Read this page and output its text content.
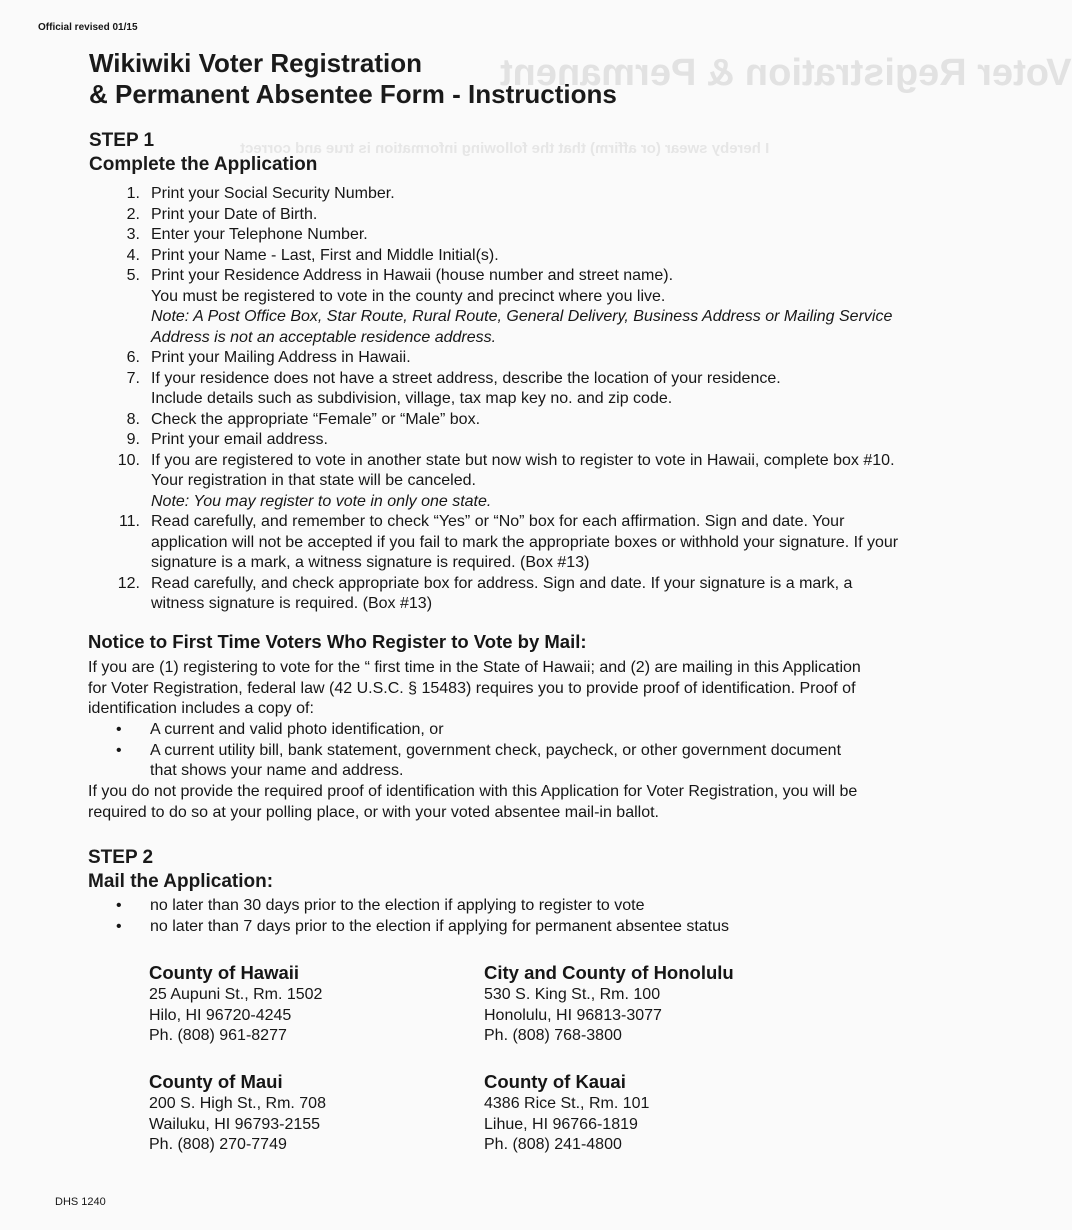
Voter Registration & Permanent
I hereby swear (or affirm) that the following information is true and correct
Official revised 01/15
Wikiwiki Voter Registration
& Permanent Absentee Form - Instructions
STEP 1
Complete the Application
1. Print your Social Security Number.

2. Print your Date of Birth.

3. Enter your Telephone Number.

4. Print your Name - Last, First and Middle Initial(s).

5. Print your Residence Address in Hawaii (house number and street name).

You must be registered to vote in the county and precinct where you live.

Note: A Post Office Box, Star Route, Rural Route, General Delivery, Business Address or Mailing Service Address is not an acceptable residence address.

6. Print your Mailing Address in Hawaii.

7. If your residence does not have a street address, describe the location of your residence.

Include details such as subdivision, village, tax map key no. and zip code.

8. Check the appropriate “Female” or “Male” box.

9. Print your email address.

10. If you are registered to vote in another state but now wish to register to vote in Hawaii, complete box #10. Your registration in that state will be canceled.

Note: You may register to vote in only one state.

11. Read carefully, and remember to check “Yes” or “No” box for each affirmation. Sign and date. Your application will not be accepted if you fail to mark the appropriate boxes or withhold your signature. If your signature is a mark, a witness signature is required. (Box #13)

12. Read carefully, and check appropriate box for address. Sign and date. If your signature is a mark, a witness signature is required. (Box #13)

Notice to First Time Voters Who Register to Vote by Mail:

If you are (1) registering to vote for the “ first time in the State of Hawaii; and (2) are mailing in this Application for Voter Registration, federal law (42 U.S.C. § 15483) requires you to provide proof of identification. Proof of identification includes a copy of:

•	A current and valid photo identification, or
•	A current utility bill, bank statement, government check, paycheck, or other government document that shows your name and address.

If you do not provide the required proof of identification with this Application for Voter Registration, you will be required to do so at your polling place, or with your voted absentee mail-in ballot.

STEP 2
Mail the Application:
•	no later than 30 days prior to the election if applying to register to vote
•	no later than 7 days prior to the election if applying for permanent absentee status
County of Hawaii
25 Aupuni St., Rm. 1502
Hilo, HI 96720-4245
Ph. (808) 961-8277
City and County of Honolulu
530 S. King St., Rm. 100
Honolulu, HI 96813-3077
Ph. (808) 768-3800
County of Maui
200 S. High St., Rm. 708
Wailuku, HI 96793-2155
Ph. (808) 270-7749
County of Kauai
4386 Rice St., Rm. 101
Lihue, HI 96766-1819
Ph. (808) 241-4800
DHS 1240
